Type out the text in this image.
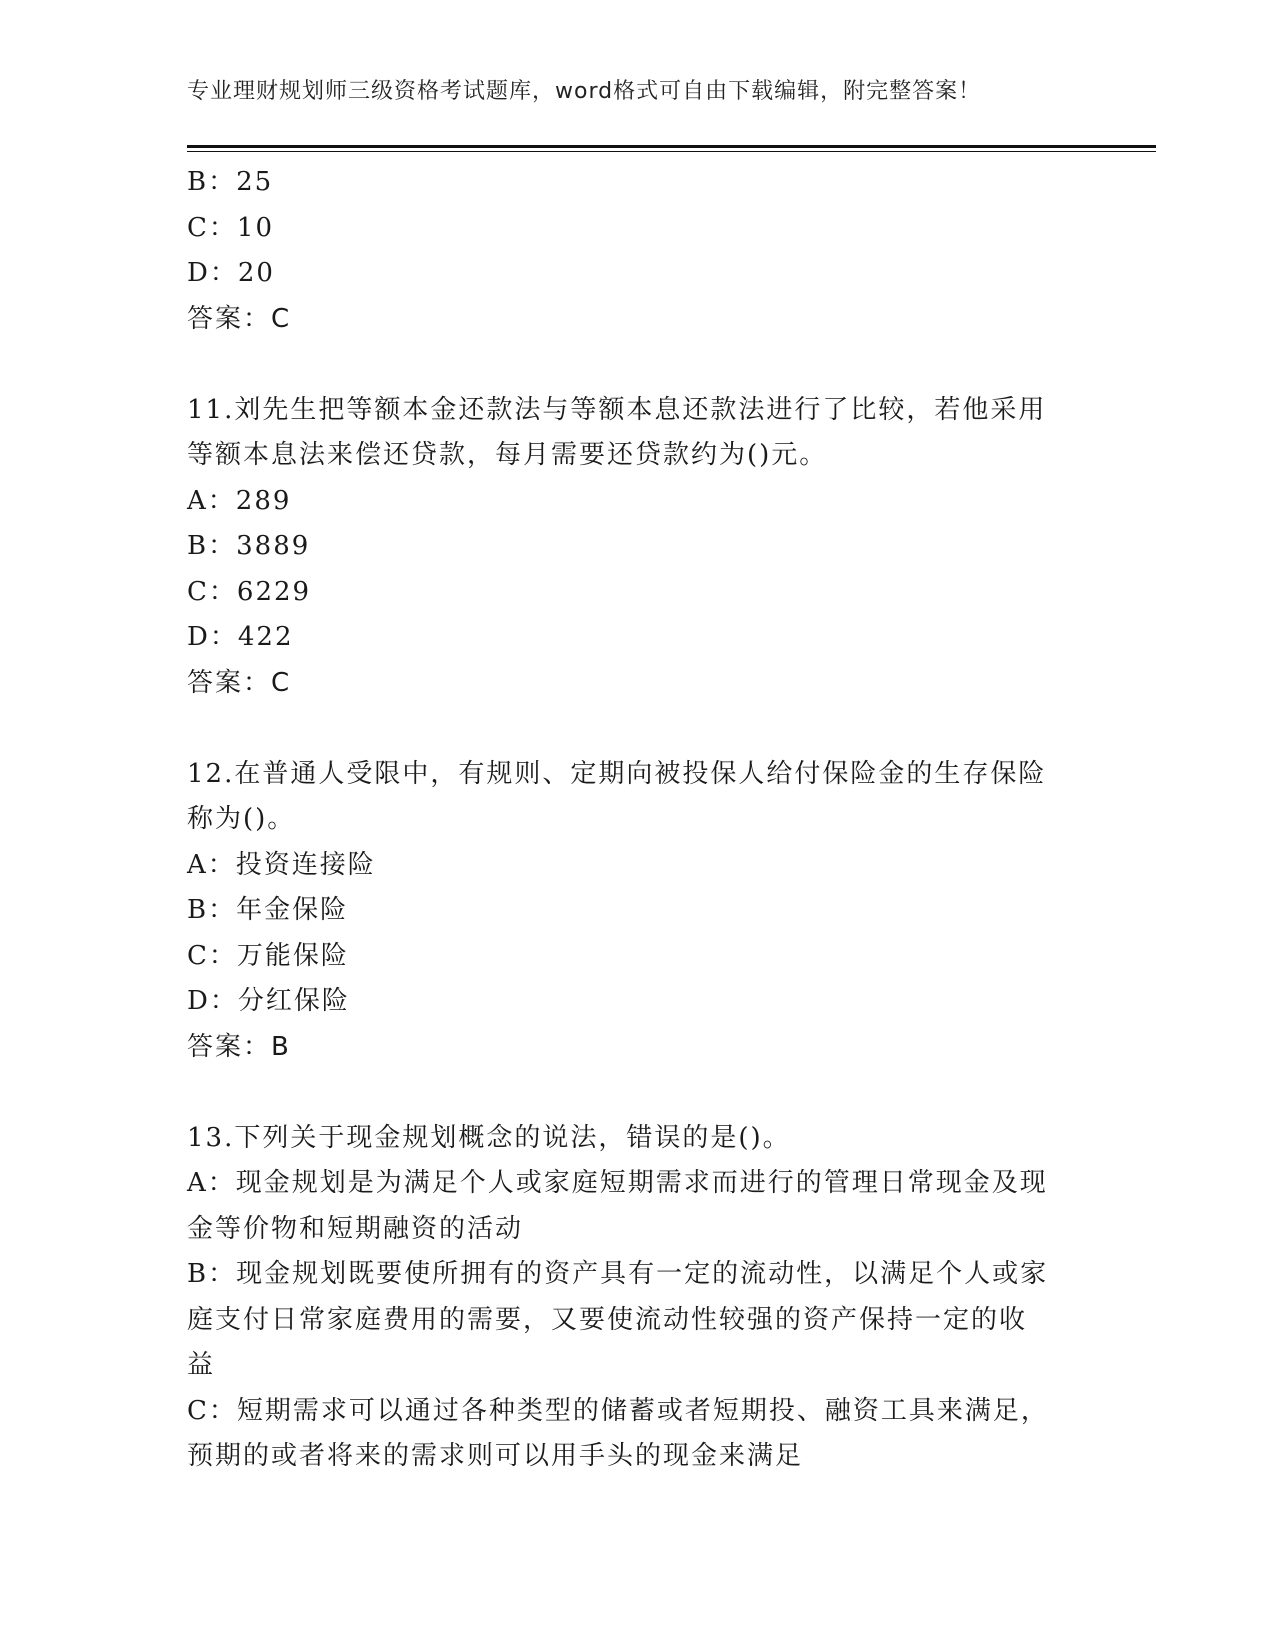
专业理财规划师三级资格考试题库，word格式可自由下载编辑，附完整答案！
B：25
C：10
D：20
答案：C
11.刘先生把等额本金还款法与等额本息还款法进行了比较，若他采用
等额本息法来偿还贷款，每月需要还贷款约为()元。
A：289
B：3889
C：6229
D：422
答案：C
12.在普通人受限中，有规则、定期向被投保人给付保险金的生存保险
称为()。
A：投资连接险
B：年金保险
C：万能保险
D：分红保险
答案：B
13.下列关于现金规划概念的说法，错误的是()。
A：现金规划是为满足个人或家庭短期需求而进行的管理日常现金及现
金等价物和短期融资的活动
B：现金规划既要使所拥有的资产具有一定的流动性，以满足个人或家
庭支付日常家庭费用的需要，又要使流动性较强的资产保持一定的收
益
C：短期需求可以通过各种类型的储蓄或者短期投、融资工具来满足，
预期的或者将来的需求则可以用手头的现金来满足
